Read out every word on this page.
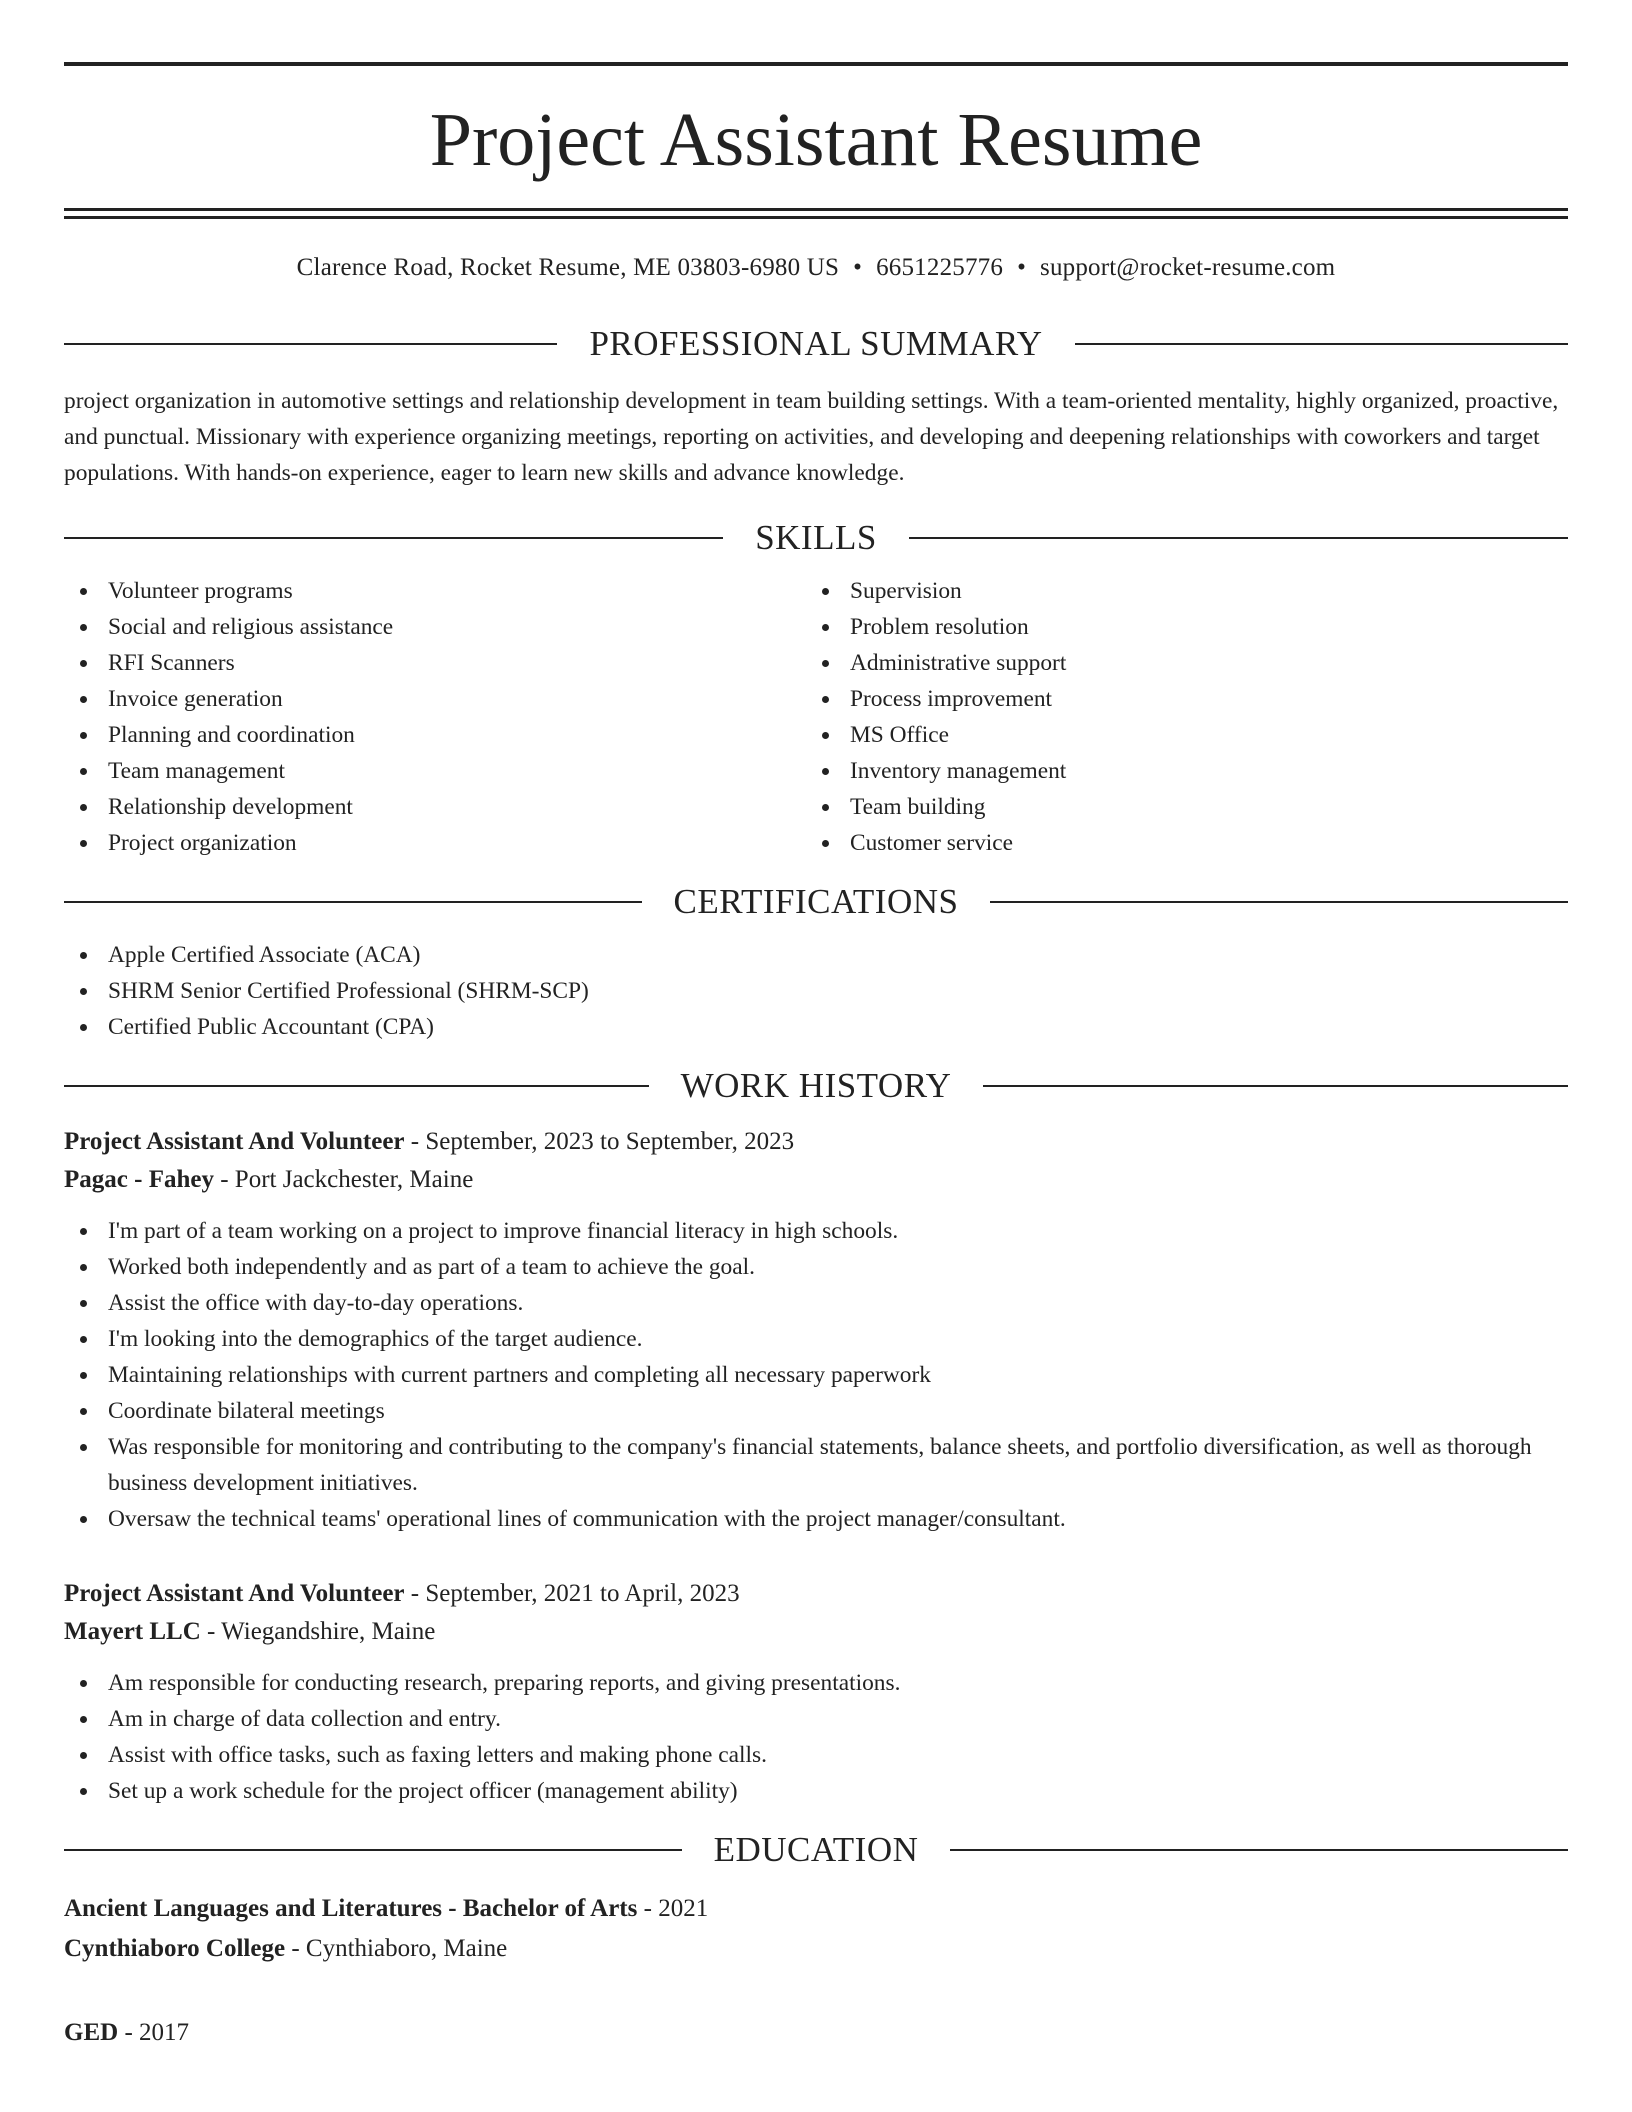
Project Assistant Resume
Clarence Road, Rocket Resume, ME 03803-6980 US • 6651225776 • support@rocket-resume.com
PROFESSIONAL SUMMARY

project organization in automotive settings and relationship development in team building settings. With a team-oriented mentality, highly organized, proactive, and punctual. Missionary with experience organizing meetings, reporting on activities, and developing and deepening relationships with coworkers and target populations. With hands-on experience, eager to learn new skills and advance knowledge.

SKILLS
Volunteer programs
Social and religious assistance
RFI Scanners
Invoice generation
Planning and coordination
Team management
Relationship development
Project organization
Supervision
Problem resolution
Administrative support
Process improvement
MS Office
Inventory management
Team building
Customer service
CERTIFICATIONS
Apple Certified Associate (ACA)
SHRM Senior Certified Professional (SHRM-SCP)
Certified Public Accountant (CPA)
WORK HISTORY
Project Assistant And Volunteer - September, 2023 to September, 2023
Pagac - Fahey - Port Jackchester, Maine
I'm part of a team working on a project to improve financial literacy in high schools.
Worked both independently and as part of a team to achieve the goal.
Assist the office with day-to-day operations.
I'm looking into the demographics of the target audience.
Maintaining relationships with current partners and completing all necessary paperwork
Coordinate bilateral meetings
Was responsible for monitoring and contributing to the company's financial statements, balance sheets, and portfolio diversification, as well as thorough business development initiatives.
Oversaw the technical teams' operational lines of communication with the project manager/consultant.
Project Assistant And Volunteer - September, 2021 to April, 2023
Mayert LLC - Wiegandshire, Maine
Am responsible for conducting research, preparing reports, and giving presentations.
Am in charge of data collection and entry.
Assist with office tasks, such as faxing letters and making phone calls.
Set up a work schedule for the project officer (management ability)
EDUCATION
Ancient Languages and Literatures - Bachelor of Arts - 2021
Cynthiaboro College - Cynthiaboro, Maine
GED - 2017
